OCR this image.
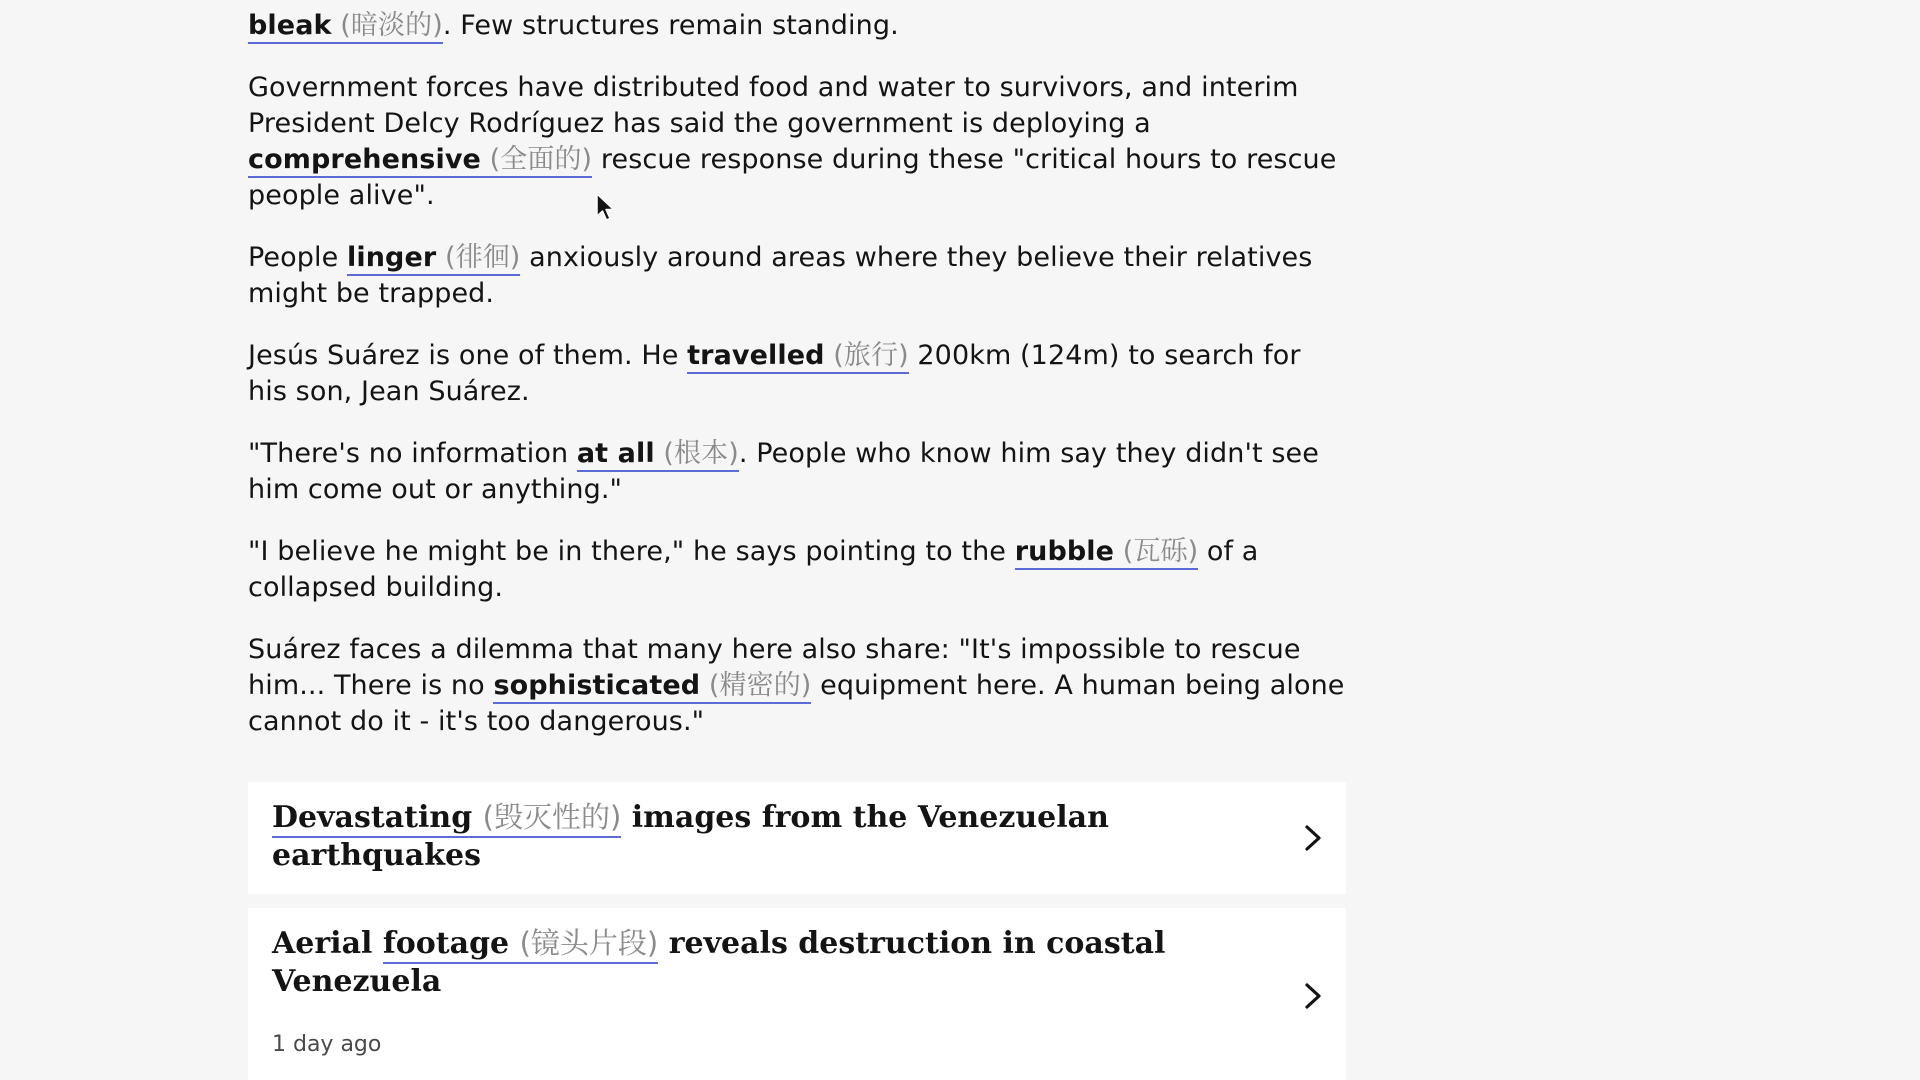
bleak (暗淡的). Few structures remain standing.

Government forces have distributed food and water to survivors, and interim President Delcy Rodríguez has said the government is deploying a comprehensive (全面的) rescue response during these "critical hours to rescue people alive".

People linger (徘徊) anxiously around areas where they believe their relatives might be trapped.

Jesús Suárez is one of them. He travelled (旅行) 200km (124m) to search for his son, Jean Suárez.

"There's no information at all (根本). People who know him say they didn't see him come out or anything."

"I believe he might be in there," he says pointing to the rubble (瓦砾) of a collapsed building.

Suárez faces a dilemma that many here also share: "It's impossible to rescue him... There is no sophisticated (精密的) equipment here. A human being alone cannot do it - it's too dangerous."

Devastating (毁灭性的) images from the Venezuelan earthquakes
Aerial footage (镜头片段) reveals destruction in coastal Venezuela
1 day ago
